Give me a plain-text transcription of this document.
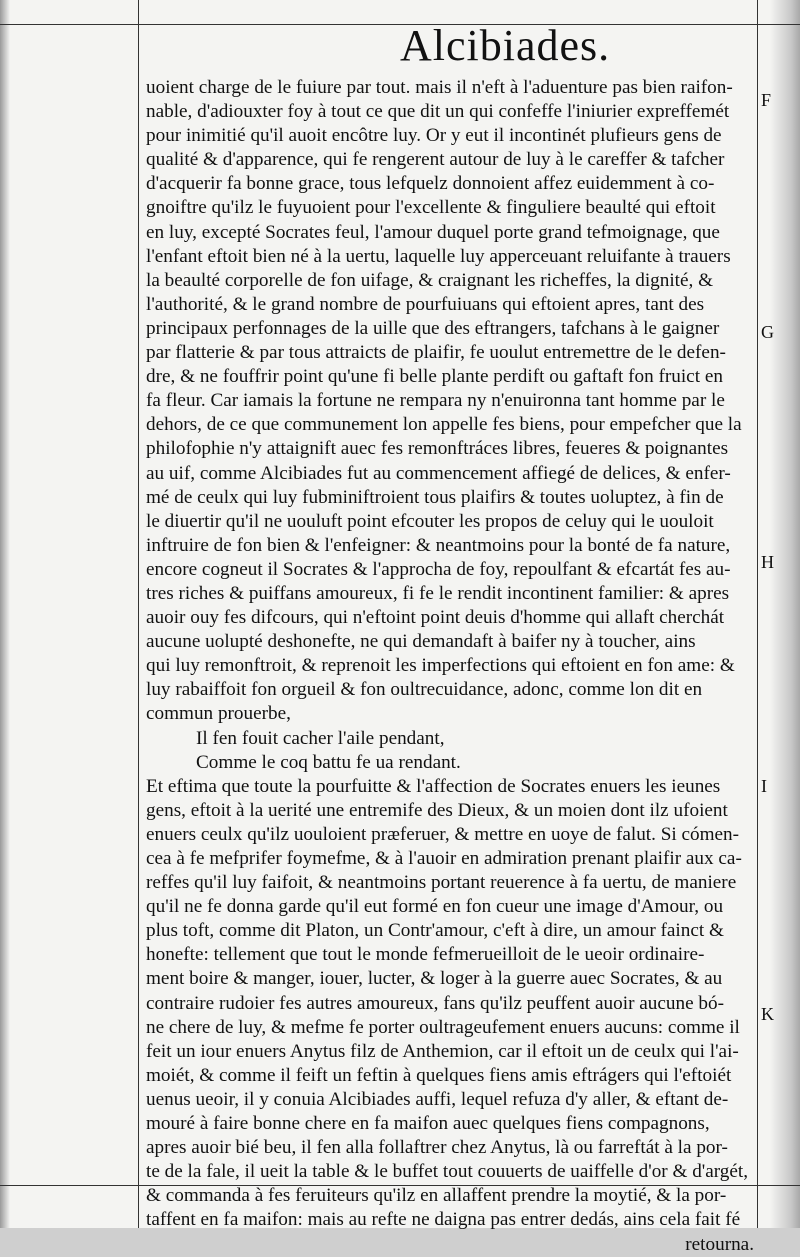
Alcibiades.
F
G
H
I
K
uoient charge de le fuiure par tout. mais il n'eft à l'aduenture pas bien raifon-
nable, d'adiouxter foy à tout ce que dit un qui confeffe l'iniurier expreffemét
pour inimitié qu'il auoit encôtre luy. Or y eut il incontinét plufieurs gens de
qualité & d'apparence, qui fe rengerent autour de luy à le careffer & tafcher
d'acquerir fa bonne grace, tous lefquelz donnoient affez euidemment à co-
gnoiftre qu'ilz le fuyuoient pour l'excellente & finguliere beaulté qui eftoit
en luy, excepté Socrates feul, l'amour duquel porte grand tefmoignage, que
l'enfant eftoit bien né à la uertu, laquelle luy apperceuant reluifante à trauers
la beaulté corporelle de fon uifage, & craignant les richeffes, la dignité, &
l'authorité, & le grand nombre de pourfuiuans qui eftoient apres, tant des
principaux perfonnages de la uille que des eftrangers, tafchans à le gaigner
par flatterie & par tous attraicts de plaifir, fe uoulut entremettre de le defen-
dre, & ne fouffrir point qu'une fi belle plante perdift ou gaftaft fon fruict en
fa fleur. Car iamais la fortune ne rempara ny n'enuironna tant homme par le
dehors, de ce que communement lon appelle fes biens, pour empefcher que la
philofophie n'y attaignift auec fes remonftráces libres, feueres & poignantes
au uif, comme Alcibiades fut au commencement affiegé de delices, & enfer-
mé de ceulx qui luy fubminiftroient tous plaifirs & toutes uoluptez, à fin de
le diuertir qu'il ne uouluft point efcouter les propos de celuy qui le uouloit
inftruire de fon bien & l'enfeigner: & neantmoins pour la bonté de fa nature,
encore cogneut il Socrates & l'approcha de foy, repoulfant & efcartát fes au-
tres riches & puiffans amoureux, fi fe le rendit incontinent familier: & apres
auoir ouy fes difcours, qui n'eftoint point deuis d'homme qui allaft cherchát
aucune uolupté deshonefte, ne qui demandaft à baifer ny à toucher, ains
qui luy remonftroit, & reprenoit les imperfections qui eftoient en fon ame: &
luy rabaiffoit fon orgueil & fon oultrecuidance, adonc, comme lon dit en
commun prouerbe,
Il fen fouit cacher l'aile pendant,
Comme le coq battu fe ua rendant.
Et eftima que toute la pourfuitte & l'affection de Socrates enuers les ieunes
gens, eftoit à la uerité une entremife des Dieux, & un moien dont ilz ufoient
enuers ceulx qu'ilz uouloient præferuer, & mettre en uoye de falut. Si cómen-
cea à fe mefprifer foymefme, & à l'auoir en admiration prenant plaifir aux ca-
reffes qu'il luy faifoit, & neantmoins portant reuerence à fa uertu, de maniere
qu'il ne fe donna garde qu'il eut formé en fon cueur une image d'Amour, ou
plus toft, comme dit Platon, un Contr'amour, c'eft à dire, un amour fainct &
honefte: tellement que tout le monde fefmerueilloit de le ueoir ordinaire-
ment boire & manger, iouer, lucter, & loger à la guerre auec Socrates, & au
contraire rudoier fes autres amoureux, fans qu'ilz peuffent auoir aucune bó-
ne chere de luy, & mefme fe porter oultrageufement enuers aucuns: comme il
feit un iour enuers Anytus filz de Anthemion, car il eftoit un de ceulx qui l'ai-
moiét, & comme il feift un feftin à quelques fiens amis eftrágers qui l'eftoiét
uenus ueoir, il y conuia Alcibiades auffi, lequel refuza d'y aller, & eftant de-
mouré à faire bonne chere en fa maifon auec quelques fiens compagnons,
apres auoir bié beu, il fen alla follaftrer chez Anytus, là ou farreftát à la por-
te de la fale, il ueit la table & le buffet tout couuerts de uaiffelle d'or & d'argét,
& commanda à fes feruiteurs qu'ilz en allaffent prendre la moytié, & la por-
taffent en fa maifon: mais au refte ne daigna pas entrer dedás, ains cela fait fé
retourna.
